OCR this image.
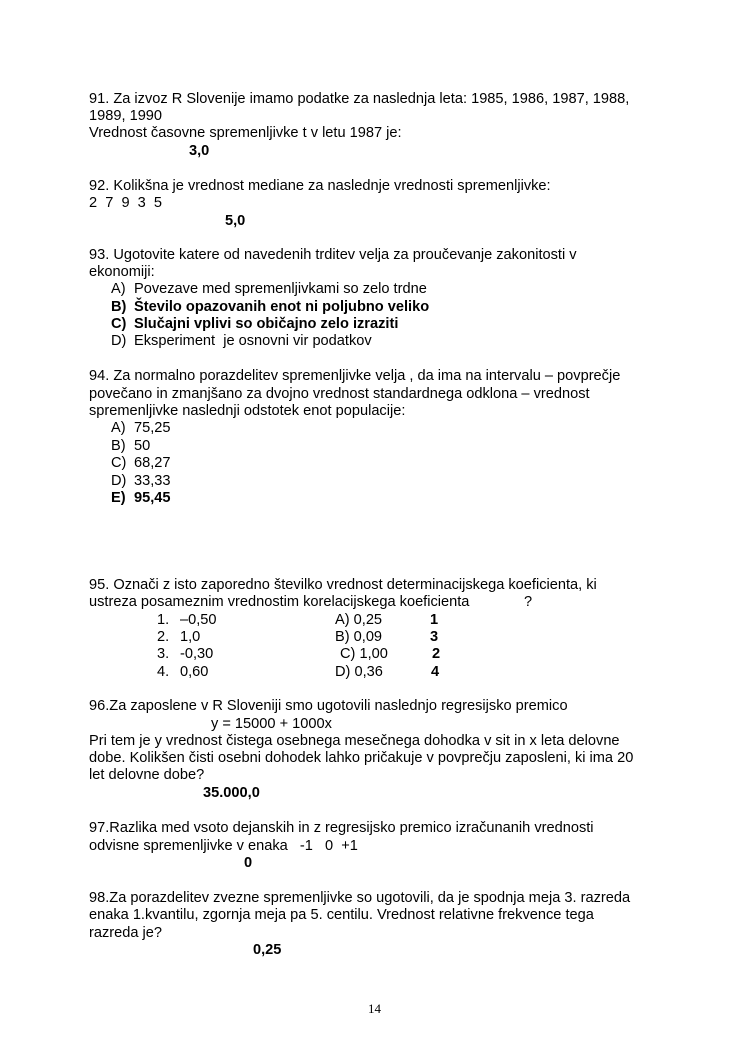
91. Za izvoz R Slovenije imamo podatke za naslednja leta: 1985, 1986, 1987, 1988,
1989, 1990
Vrednost časovne spremenljivke t v letu 1987 je:
3,0
92. Kolikšna je vrednost mediane za naslednje vrednosti spremenljivke:
2  7  9  3  5
5,0
93. Ugotovite katere od navedenih trditev velja za proučevanje zakonitosti v
ekonomiji:
A) Povezave med spremenljivkami so zelo trdne
B) Število opazovanih enot ni poljubno veliko
C) Slučajni vplivi so običajno zelo izraziti
D) Eksperiment  je osnovni vir podatkov
94. Za normalno porazdelitev spremenljivke velja , da ima na intervalu – povprečje
povečano in zmanjšano za dvojno vrednost standardnega odklona – vrednost
spremenljivke naslednji odstotek enot populacije:
A) 75,25
B) 50
C) 68,27
D) 33,33
E) 95,45
95. Označi z isto zaporedno številko vrednost determinacijskega koeficienta, ki
ustreza posameznim vrednostim korelacijskega koeficienta	?
1. –0,50	A) 0,25	1
2. 1,0	B) 0,09	3
3. -0,30	C) 1,00	2
4. 0,60	D) 0,36	4
96.Za zaposlene v R Sloveniji smo ugotovili naslednjo regresijsko premico
y = 15000 + 1000x
Pri tem je y vrednost čistega osebnega mesečnega dohodka v sit in x leta delovne
dobe. Kolikšen čisti osebni dohodek lahko pričakuje v povprečju zaposleni, ki ima 20
let delovne dobe?
35.000,0
97.Razlika med vsoto dejanskih in z regresijsko premico izračunanih vrednosti
odvisne spremenljivke v enaka   -1   0  +1
0
98.Za porazdelitev zvezne spremenljivke so ugotovili, da je spodnja meja 3. razreda
enaka 1.kvantilu, zgornja meja pa 5. centilu. Vrednost relativne frekvence tega
razreda je?
0,25
14
